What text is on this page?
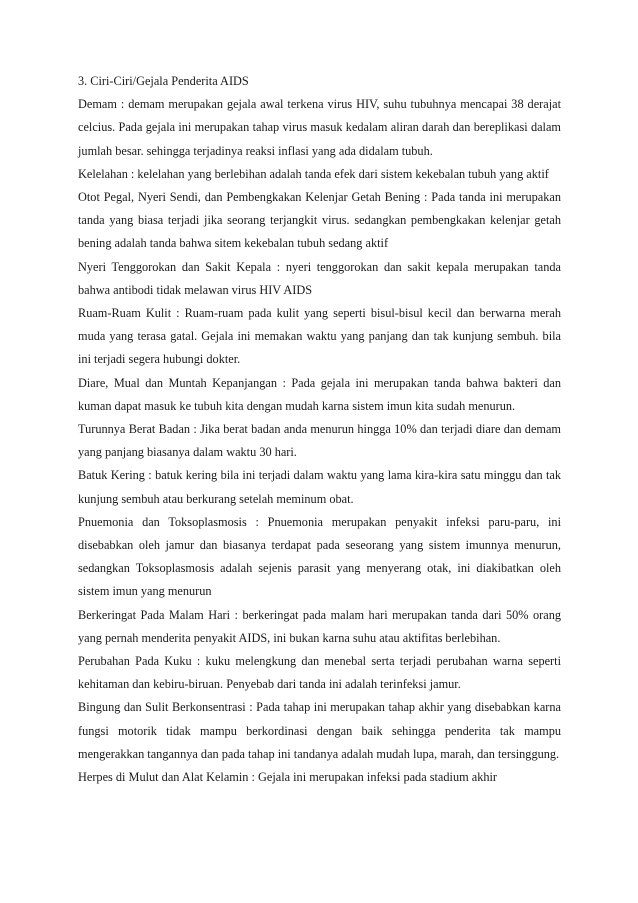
3. Ciri-Ciri/Gejala Penderita AIDS

Demam : demam merupakan gejala awal terkena virus HIV, suhu tubuhnya mencapai 38 derajat celcius. Pada gejala ini merupakan tahap virus masuk kedalam aliran darah dan bereplikasi dalam jumlah besar. sehingga terjadinya reaksi inflasi yang ada didalam tubuh.

Kelelahan : kelelahan yang berlebihan adalah tanda efek dari sistem kekebalan tubuh yang aktif

Otot Pegal, Nyeri Sendi, dan Pembengkakan Kelenjar Getah Bening : Pada tanda ini merupakan tanda yang biasa terjadi jika seorang terjangkit virus. sedangkan pembengkakan kelenjar getah bening adalah tanda bahwa sitem kekebalan tubuh sedang aktif

Nyeri Tenggorokan dan Sakit Kepala : nyeri tenggorokan dan sakit kepala merupakan tanda bahwa antibodi tidak melawan virus HIV AIDS

Ruam-Ruam Kulit : Ruam-ruam pada kulit yang seperti bisul-bisul kecil dan berwarna merah muda yang terasa gatal. Gejala ini memakan waktu yang panjang dan tak kunjung sembuh. bila ini terjadi segera hubungi dokter.

Diare, Mual dan Muntah Kepanjangan : Pada gejala ini merupakan tanda bahwa bakteri dan kuman dapat masuk ke tubuh kita dengan mudah karna sistem imun kita sudah menurun.

Turunnya Berat Badan : Jika berat badan anda menurun hingga 10% dan terjadi diare dan demam yang panjang biasanya dalam waktu 30 hari.

Batuk Kering : batuk kering bila ini terjadi dalam waktu yang lama kira-kira satu minggu dan tak kunjung sembuh atau berkurang setelah meminum obat.

Pnuemonia dan Toksoplasmosis : Pnuemonia merupakan penyakit infeksi paru-paru, ini disebabkan oleh jamur dan biasanya terdapat pada seseorang yang sistem imunnya menurun, sedangkan Toksoplasmosis adalah sejenis parasit yang menyerang otak, ini diakibatkan oleh sistem imun yang menurun

Berkeringat Pada Malam Hari : berkeringat pada malam hari merupakan tanda dari 50% orang yang pernah menderita penyakit AIDS, ini bukan karna suhu atau aktifitas berlebihan.

Perubahan Pada Kuku : kuku melengkung dan menebal serta terjadi perubahan warna seperti kehitaman dan kebiru-biruan. Penyebab dari tanda ini adalah terinfeksi jamur.

Bingung dan Sulit Berkonsentrasi : Pada tahap ini merupakan tahap akhir yang disebabkan karna fungsi motorik tidak mampu berkordinasi dengan baik sehingga penderita tak mampu mengerakkan tangannya dan pada tahap ini tandanya adalah mudah lupa, marah, dan tersinggung.

Herpes di Mulut dan Alat Kelamin : Gejala ini merupakan infeksi pada stadium akhir
